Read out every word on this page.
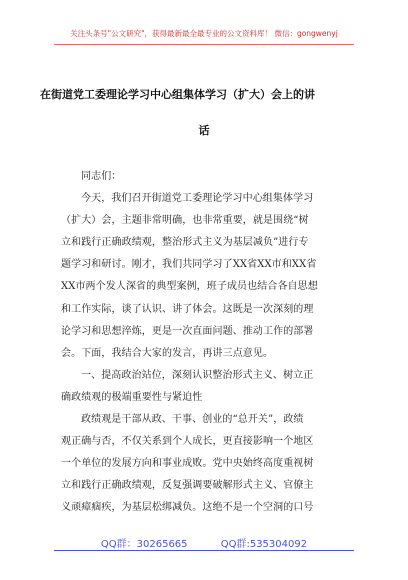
关注头条号"公文研究"，获得最新最全最专业的公文资料库！ 微信：gongwenyj
在街道党工委理论学习中心组集体学习（扩大）会上的讲
话
同志们：
今天，我们召开街道党工委理论学习中心组集体学习
（扩大）会，主题非常明确，也非常重要，就是围绕“树
立和践行正确政绩观，整治形式主义为基层减负”进行专
题学习和研讨。刚才，我们共同学习了XX省XX市和XX省
XX市两个发人深省的典型案例，班子成员也结合各自思想
和工作实际，谈了认识、讲了体会。这既是一次深刻的理
论学习和思想淬炼，更是一次直面问题、推动工作的部署
会。下面，我结合大家的发言，再讲三点意见。
一、提高政治站位，深刻认识整治形式主义、树立正
确政绩观的极端重要性与紧迫性
政绩观是干部从政、干事、创业的“总开关”，政绩
观正确与否，不仅关系到个人成长，更直接影响一个地区
一个单位的发展方向和事业成败。党中央始终高度重视树
立和践行正确政绩观，反复强调要破解形式主义、官僚主
义顽瘴痼疾，为基层松绑减负。这绝不是一个空洞的口号
QQ群：30265665	QQ群:535304092
